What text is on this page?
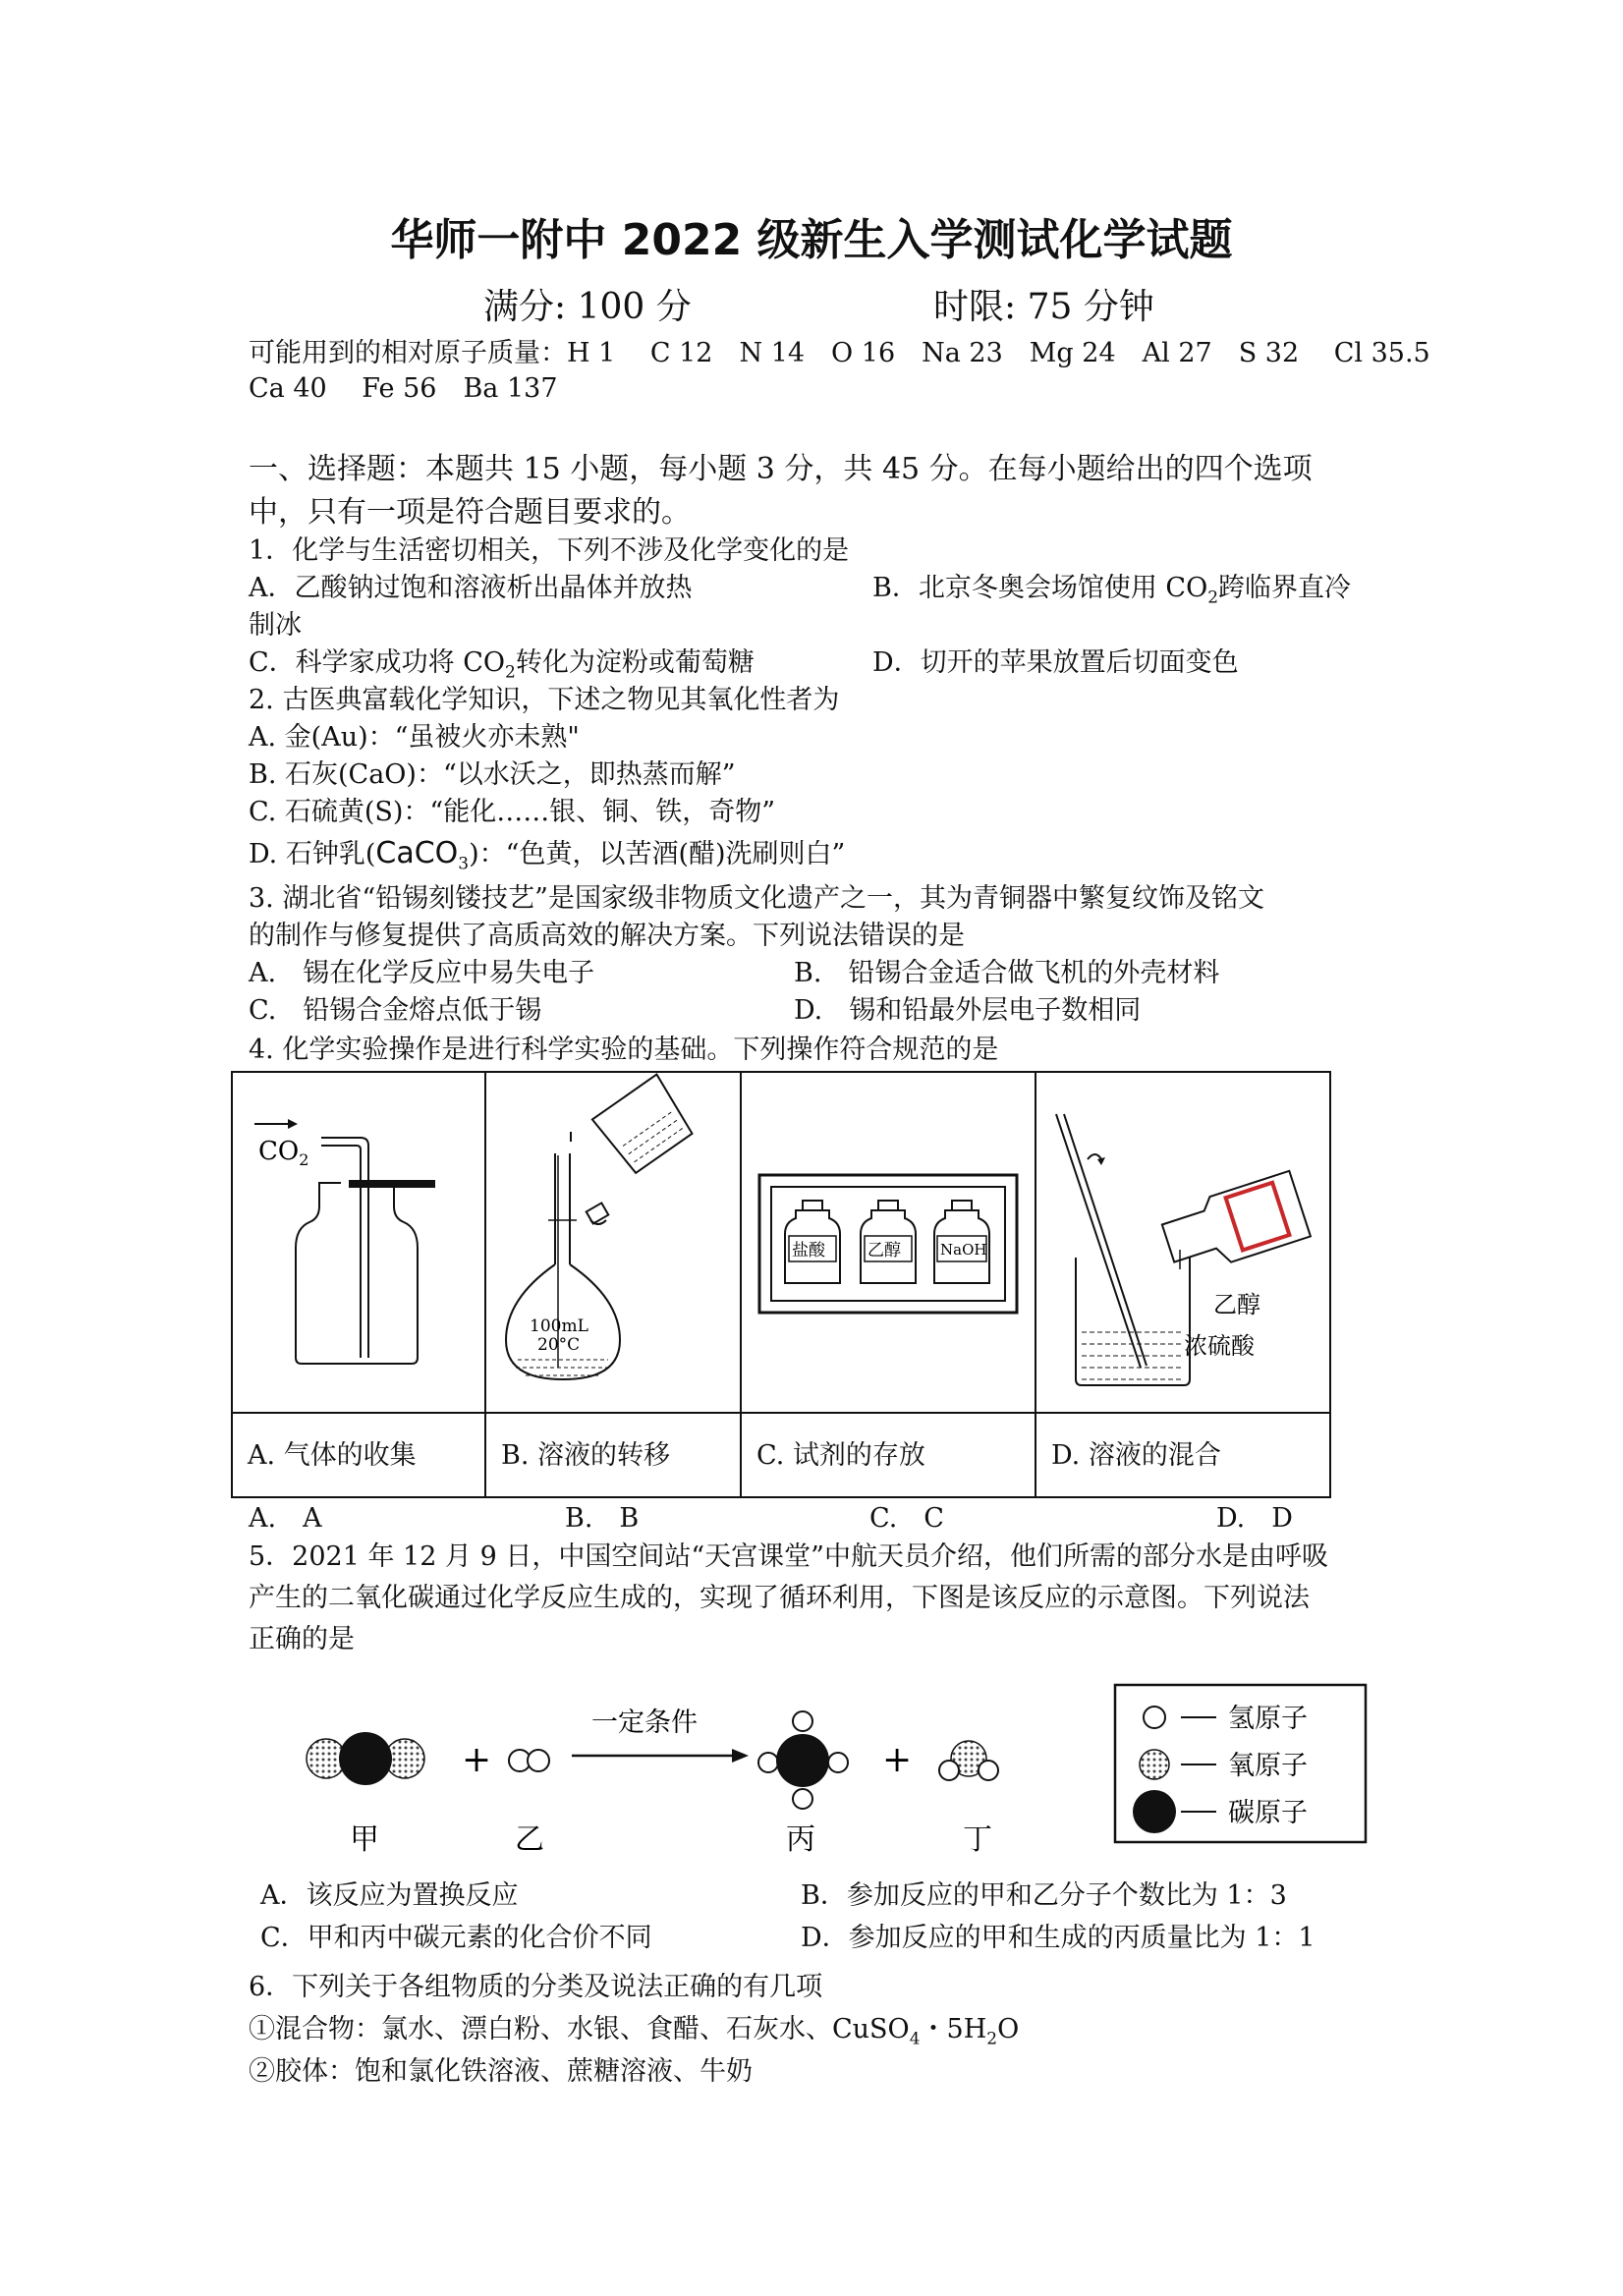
华师一附中 2022 级新生入学测试化学试题
满分: 100 分	时限: 75 分钟
可能用到的相对原子质量：H 1　 C 12　N 14　O 16　Na 23　Mg 24　Al 27　S 32　 Cl 35.5
Ca 40　 Fe 56　Ba 137
一、选择题：本题共 15 小题，每小题 3 分，共 45 分。在每小题给出的四个选项
中，只有一项是符合题目要求的。
1．化学与生活密切相关，下列不涉及化学变化的是
A．乙酸钠过饱和溶液析出晶体并放热	B．北京冬奥会场馆使用 $CO_2$跨临界直冷
制冰
C．科学家成功将 $CO_2$转化为淀粉或葡萄糖	D．切开的苹果放置后切面变色
2. 古医典富载化学知识，下述之物见其氧化性者为
A. 金(Au)：“虽被火亦未熟"
B. 石灰(CaO)：“以水沃之，即热蒸而解”
C. 石硫黄(S)：“能化……银、铜、铁，奇物”
D. 石钟乳(CaCO$_3$)：“色黄，以苦酒(醋)洗刷则白”
3. 湖北省“铅锡刻镂技艺”是国家级非物质文化遗产之一，其为青铜器中繁复纹饰及铭文
的制作与修复提供了高质高效的解决方案。下列说法错误的是
A.　锡在化学反应中易失电子	B.　铅锡合金适合做飞机的外壳材料
C.　铅锡合金熔点低于锡	D.　锡和铅最外层电子数相同
4. 化学实验操作是进行科学实验的基础。下列操作符合规范的是
$CO_2$
100mL
20°C
盐酸	乙醇	NaOH
乙醇
浓硫酸
A. 气体的收集	B. 溶液的转移	C. 试剂的存放	D. 溶液的混合
A.　A	B.　B	C.　C	D.　D
5．2021 年 12 月 9 日，中国空间站“天宫课堂”中航天员介绍，他们所需的部分水是由呼吸
产生的二氧化碳通过化学反应生成的，实现了循环利用，下图是该反应的示意图。下列说法
正确的是
+
一定条件
+
甲	乙	丙	丁
氢原子
氧原子
碳原子
A．该反应为置换反应	B．参加反应的甲和乙分子个数比为 1：3
C．甲和丙中碳元素的化合价不同	D．参加反应的甲和生成的丙质量比为 1：1
6．下列关于各组物质的分类及说法正确的有几项
①混合物：氯水、漂白粉、水银、食醋、石灰水、CuSO$_4$・$5H_2O$
②胶体：饱和氯化铁溶液、蔗糖溶液、牛奶
